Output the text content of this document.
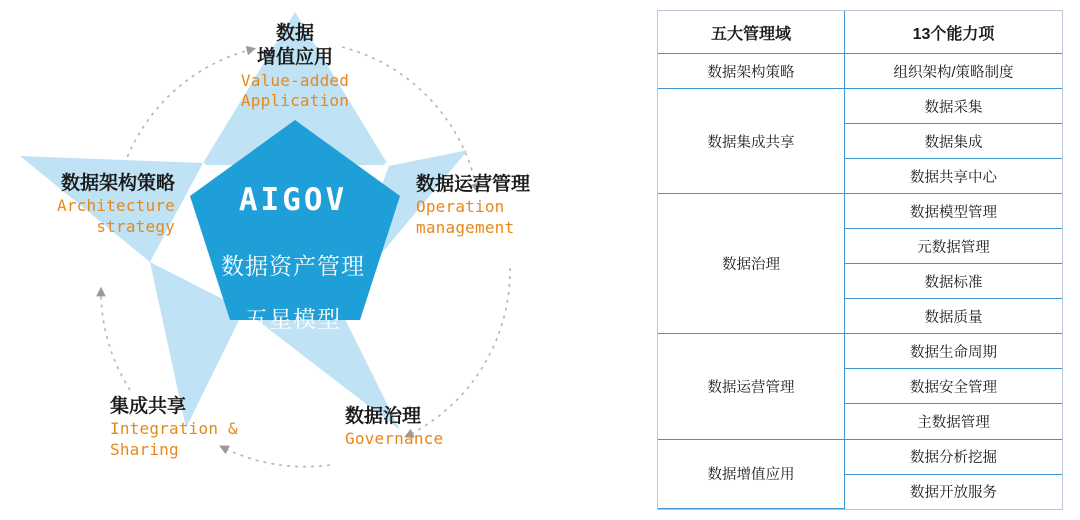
AIGOV
数据资产管理
五星模型
数据
增值应用
Value-added
Application
数据运营管理
Operation
management
数据治理
Governance
集成共享
Integration &
Sharing
数据架构策略
Architecture
strategy
五大管理域	13个能力项
数据架构策略	组织架构/策略制度
数据集成共享	数据采集
	数据集成
	数据共享中心
数据治理	数据模型管理
	元数据管理
	数据标准
	数据质量
数据运营管理	数据生命周期
	数据安全管理
	主数据管理
数据增值应用	数据分析挖掘
	数据开放服务
